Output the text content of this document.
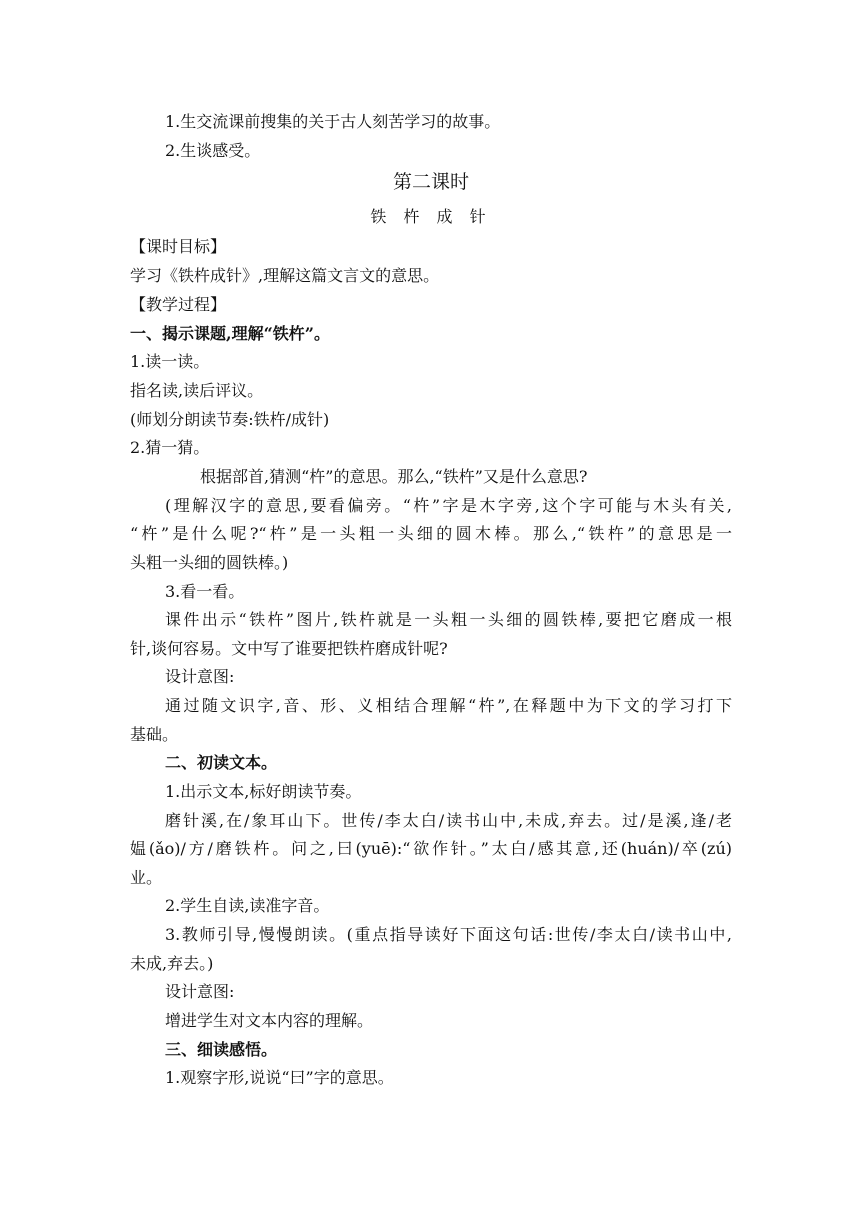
1.生交流课前搜集的关于古人刻苦学习的故事。
2.生谈感受。
第二课时
铁 杵 成 针
【课时目标】
学习《铁杵成针》,理解这篇文言文的意思。
【教学过程】
一、揭示课题,理解“铁杵”。
1.读一读。
指名读,读后评议。
(师划分朗读节奏:铁杵/成针)
2.猜一猜。
根据部首,猜测“杵”的意思。那么,“铁杵”又是什么意思?
(理解汉字的意思,要看偏旁。“杵”字是木字旁,这个字可能与木头有关,
“杵”是什么呢?“杵”是一头粗一头细的圆木棒。那么,“铁杵”的意思是一
头粗一头细的圆铁棒。)
3.看一看。
课件出示“铁杵”图片,铁杵就是一头粗一头细的圆铁棒,要把它磨成一根
针,谈何容易。文中写了谁要把铁杵磨成针呢?
设计意图:
通过随文识字,音、形、义相结合理解“杵”,在释题中为下文的学习打下
基础。
二、初读文本。
1.出示文本,标好朗读节奏。
磨针溪,在/象耳山下。世传/李太白/读书山中,未成,弃去。过/是溪,逢/老
媪(ǎo)/方/磨铁杵。问之,曰(yuē):“欲作针。”太白/感其意,还(huán)/卒(zú)
业。
2.学生自读,读准字音。
3.教师引导,慢慢朗读。(重点指导读好下面这句话:世传/李太白/读书山中,
未成,弃去。)
设计意图:
增进学生对文本内容的理解。
三、细读感悟。
1.观察字形,说说“曰”字的意思。
